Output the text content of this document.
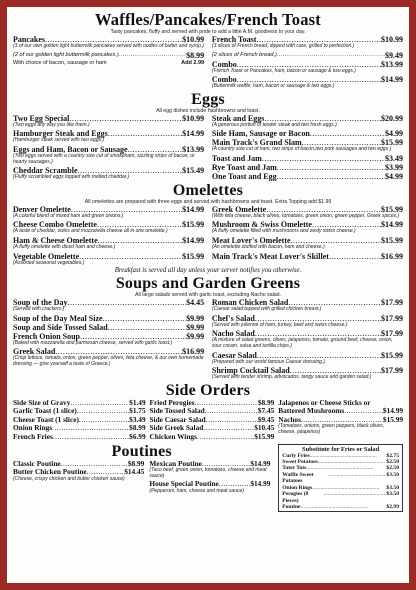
Waffles/Pancakes/French Toast
Tasty pancakes, fluffy and served with pride to add a little A.M. goodness to your day.
Pancakes .....	$10.99
(3 of our own golden light buttermilk pancakes served with oodles of butter and syrup.)
(2 of our golden light buttermilk pancakes.) .....	$8.99
With choice of bacon, sausage or ham	Add 2.99
French Toast .....	$10.99
(3 slices of French bread, dipped with care, grilled to perfection.)
(2 slices of French bread.) .....	$9.49
Combo .....	$13.99
(French Toast or Pancakes, ham, bacon or sausage & two eggs.)
Combo .....	$14.99
(Buttermilk waffle, ham, bacon or sausage & two eggs.)
Eggs
All egg dishes include hashbrowns and toast.
Two Egg Special .....	$10.99
(Two eggs any way you like them.)
Hamburger Steak and Eggs .....	$14.99
(Hamburger steak served with two eggs.)
Eggs and Ham, Bacon or Sausage .....	$13.99
(Two eggs served with a country size cut of smokeham, sizzling strips of bacon, or hearty sausages.)
Cheddar Scramble .....	$15.49
(Fluffy scrambled eggs topped with melted cheddar.)
Steak and Eggs .....	$20.99
(A generous portion of tender steak and two fresh eggs.)
Side Ham, Sausage or Bacon .....	$4.99
Main Track's Grand Slam .....	$15.99
(A country size cut of ham, two strips of bacon,two pork sausages and two eggs.)
Toast and Jam .....	$3.49
Rye Toast and Jam .....	$3.99
One Toast and Egg .....	$4.99
Omelettes
All omelettes are prepared with three eggs and served with hashbrowns and toast. Extra Topping add $1.99
Denver Omelette .....	$14.99
(A colorful blend of mixed ham and green onions.)
Cheese Combo Omelette .....	$15.99
(A taste of cheddar, swiss and mozzarella cheese all in one omelette.)
Ham & Cheese Omelette .....	$14.99
(A fluffy omelette with diced ham and cheese.)
Vegetable Omelette .....	$15.99
(Assorted seasonal vegetables.)
Greek Omelette .....	$15.99
(With feta cheese, black olives, tomatoes, green onion, green pepper, Greek spices.)
Mushroom & Swiss Omelette .....	$14.99
(A fluffy omelette filled with mushrooms and zesty swiss cheese.)
Meat Lover's Omelette .....	$15.99
(An omelette stuffed with bacon, ham and cheese.)
Main Track's Meat Lover's Skillet .....	$16.99
Breakfast is served all day unless your server notifies you otherwise.
Soups and Garden Greens
All large salads served with garlic toast, excluding Nacho salad.
Soup of the Day .....	$4.45
(Served with crackers.)
Soup of the Day Meal Size .....	$9.99
Soup and Side Tossed Salad .....	$9.99
French Onion Soup .....	$9.99
(Baked with mozzarella and parmesan cheese, served with garlic toast.)
Greek Salad .....	$16.99
(Crisp lettuce, tomato, onion, green pepper, olives, feta cheese, & our own homemade dressing — give yourself a taste of Greece.)
Roman Chicken Salad .....	$17.99
(Caesar salad topped with grilled chicken breast.)
Chef's Salad .....	$17.99
(Served with julienne of ham, turkey, beef and swiss cheese.)
Nacho Salad .....	$17.99
(A mixture of salad greens, olives, jalapenos, tomato, ground beef, cheese, onion, sour cream, salsa and tortilla chips.)
Caesar Salad .....	$15.99
(Prepared with our world famous Caesar dressing.)
Shrimp Cocktail Salad .....	$17.99
(Served with tender shrimp, advocados, tangy sauce and garden salad.)
Side Orders
Side Size of Gravy .....	$1.49
Garlic Toast (1 slice) .....	$1.75
Cheese Toast (1 slice) .....	$3.49
Onion Rings .....	$8.99
French Fries .....	$6.99
Fried Perogies .....	$8.99
Side Tossed Salad .....	$7.45
Side Caesar Salad .....	$9.45
Side Greek Salad .....	$10.45
Chicken Wings .....	$15.99
Jalapenos or Cheese Sticks or
Battered Mushrooms .....	$14.99
Nachos .....	$15.99
(Tomatoes, onions, green peppers, black olives, cheese, jalapenos)
Poutines
Classic Poutine .....	$8.99
Butter Chicken Poutine .....	$14.45
(Cheese, crispy chicken and butter chicken sauce)
Mexican Poutine .....	$14.99
(Taco beef, green onion, tomatoes, cheese and meat sauce)
House Special Poutine .....	$14.99
(Pepperoni, ham, cheese and meat sauce)
Substitute for Fries or Salad
Curly Fries .....	$2.75
Sweet Potatoes .....	$2.50
Tater Tots .....	$2.50
Waffle Sweet Potatoes
.....
$3.50
Onion Rings .....	$3.50
Perogies (8 Pieces)
.....
$3.50
Poutine .....	$2.99
